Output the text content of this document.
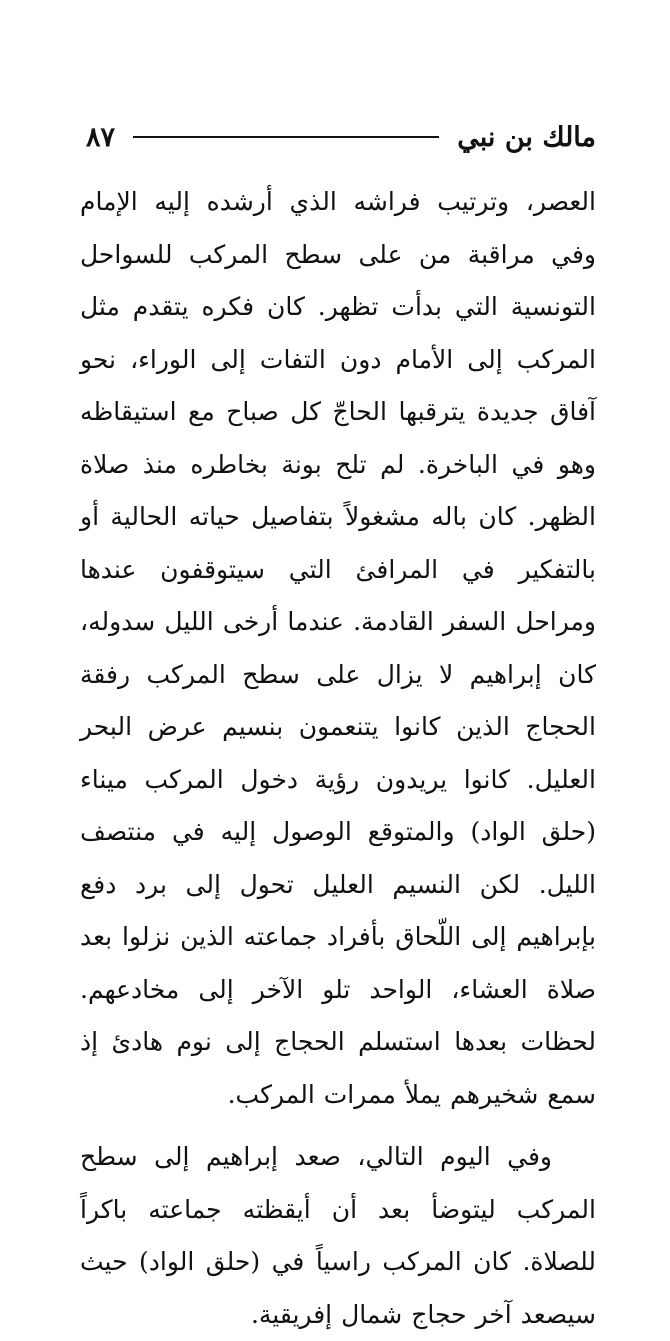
مالك بن نبي
٨٧

العصر، وترتيب فراشه الذي أرشده إليه الإمام وفي مراقبة من على سطح المركب للسواحل التونسية التي بدأت تظهر. كان فكره يتقدم مثل المركب إلى الأمام دون التفات إلى الوراء، نحو آفاق جديدة يترقبها الحاجّ كل صباح مع استيقاظه وهو في الباخرة. لم تلح بونة بخاطره منذ صلاة الظهر. كان باله مشغولاً بتفاصيل حياته الحالية أو بالتفكير في المرافئ التي سيتوقفون عندها ومراحل السفر القادمة. عندما أرخى الليل سدوله، كان إبراهيم لا يزال على سطح المركب رفقة الحجاج الذين كانوا يتنعمون بنسيم عرض البحر العليل. كانوا يريدون رؤية دخول المركب ميناء (حلق الواد) والمتوقع الوصول إليه في منتصف الليل. لكن النسيم العليل تحول إلى برد دفع بإبراهيم إلى اللّحاق بأفراد جماعته الذين نزلوا بعد صلاة العشاء، الواحد تلو الآخر إلى مخادعهم. لحظات بعدها استسلم الحجاج إلى نوم هادئ إذ سمع شخيرهم يملأ ممرات المركب.

وفي اليوم التالي، صعد إبراهيم إلى سطح المركب ليتوضأ بعد أن أيقظته جماعته باكراً للصلاة. كان المركب راسياً في (حلق الواد) حيث سيصعد آخر حجاج شمال إفريقية.
